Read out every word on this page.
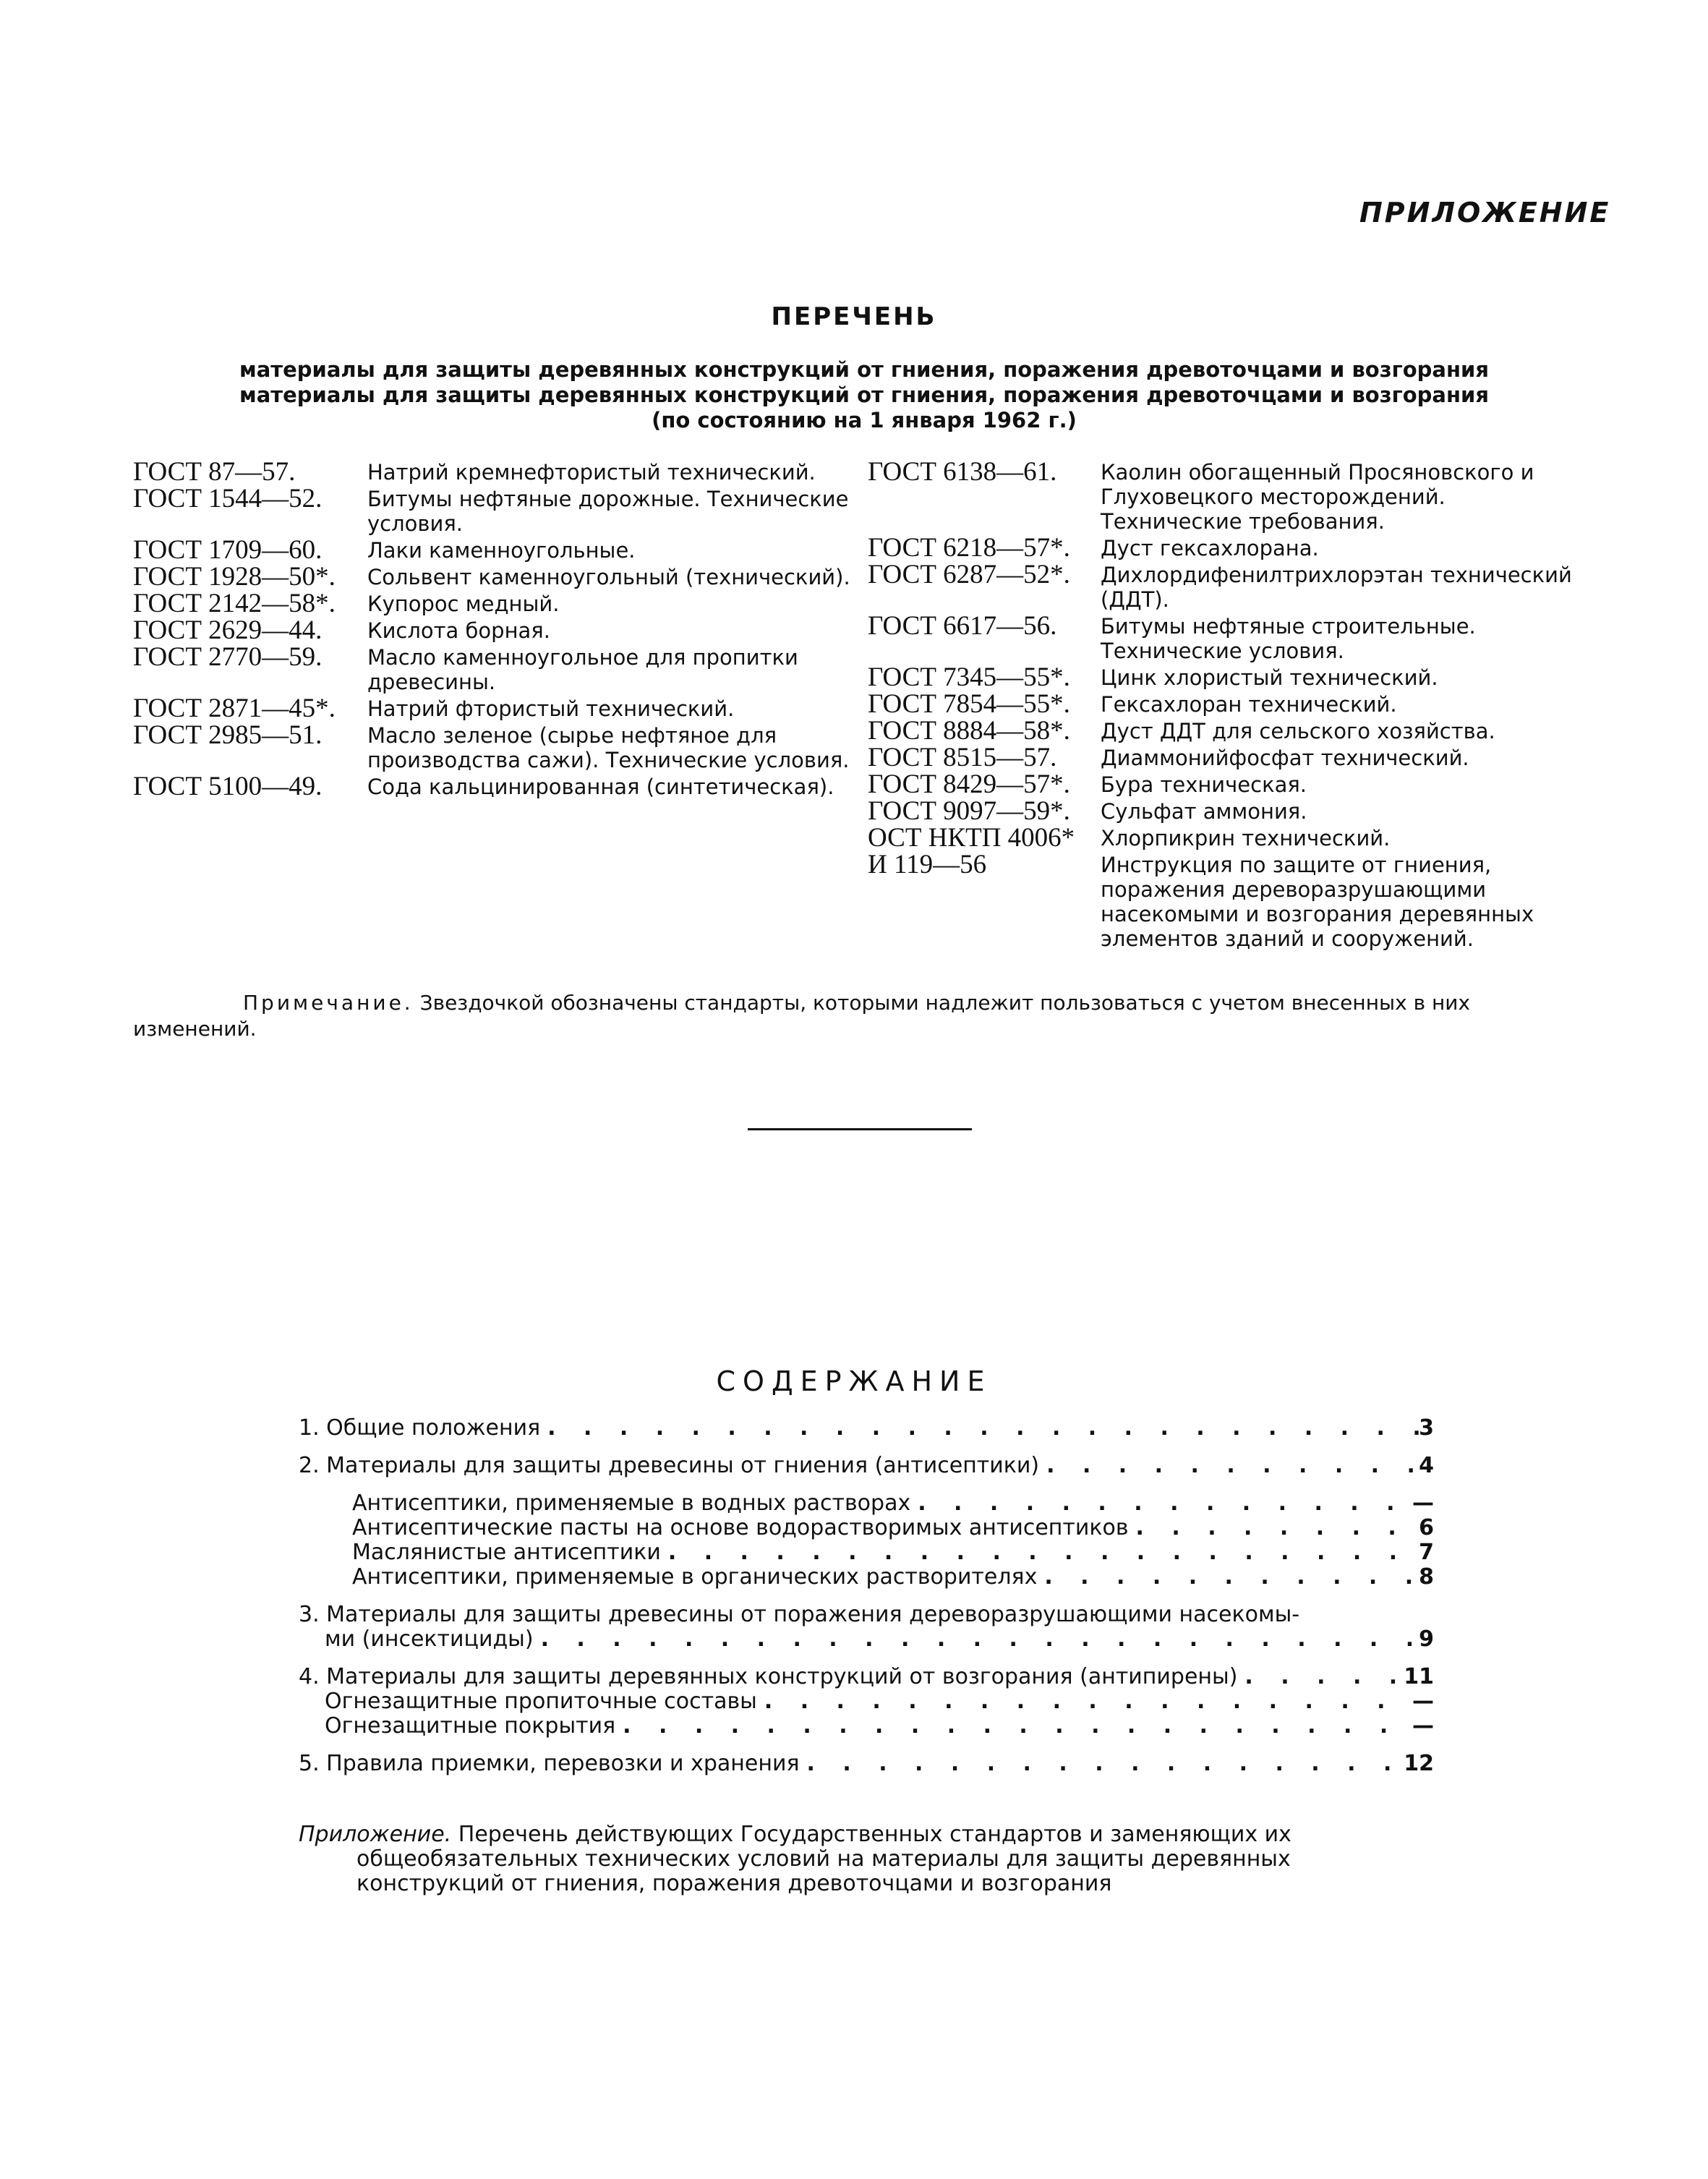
ПРИЛОЖЕНИЕ
ПЕРЕЧЕНЬ
материалы для защиты деревянных конструкций от гниения, поражения древоточцами и возгорания
материалы для защиты деревянных конструкций от гниения, поражения древоточцами и возгорания
(по состоянию на 1 января 1962 г.)
ГОСТ 87—57.	Натрий кремнефтористый технический.
ГОСТ 1544—52.	Битумы нефтяные дорожные. Технические условия.
ГОСТ 1709—60.	Лаки каменноугольные.
ГОСТ 1928—50*.	Сольвент каменноугольный (технический).
ГОСТ 2142—58*.	Купорос медный.
ГОСТ 2629—44.	Кислота борная.
ГОСТ 2770—59.	Масло каменноугольное для пропитки древесины.
ГОСТ 2871—45*.	Натрий фтористый технический.
ГОСТ 2985—51.	Масло зеленое (сырье нефтяное для производства сажи). Технические условия.
ГОСТ 5100—49.	Сода кальцинированная (синтетическая).
ГОСТ 6138—61.	Каолин обогащенный Просяновского и Глуховецкого месторождений. Технические требования.
ГОСТ 6218—57*.	Дуст гексахлорана.
ГОСТ 6287—52*.	Дихлордифенилтрихлорэтан технический (ДДТ).
ГОСТ 6617—56.	Битумы нефтяные строительные. Технические условия.
ГОСТ 7345—55*.	Цинк хлористый технический.
ГОСТ 7854—55*.	Гексахлоран технический.
ГОСТ 8884—58*.	Дуст ДДТ для сельского хозяйства.
ГОСТ 8515—57.	Диаммонийфосфат технический.
ГОСТ 8429—57*.	Бура техническая.
ГОСТ 9097—59*.	Сульфат аммония.
ОСТ НКТП 4006*	Хлорпикрин технический.
И 119—56	Инструкция по защите от гниения, поражения дереворазрушающими насекомыми и возгорания деревянных элементов зданий и сооружений.
Примечание. Звездочкой обозначены стандарты, которыми надлежит пользоваться с учетом внесенных в них изменений.
СОДЕРЖАНИЕ
1. Общие положения . . .	3
2. Материалы для защиты древесины от гниения (антисептики) . . .	4
Антисептики, применяемые в водных растворах . . .	—
Антисептические пасты на основе водорастворимых антисептиков . . .	6
Маслянистые антисептики . . .	7
Антисептики, применяемые в органических растворителях . . .	8
3. Материалы для защиты древесины от поражения дереворазрушающими насекомы-
ми (инсектициды) . . .	9
4. Материалы для защиты деревянных конструкций от возгорания (антипирены) . . .	11
Огнезащитные пропиточные составы . . .	—
Огнезащитные покрытия . . .	—
5. Правила приемки, перевозки и хранения . . .	12
Приложение. Перечень действующих Государственных стандартов и заменяющих их
общеобязательных технических условий на материалы для защиты деревянных
конструкций от гниения, поражения древоточцами и возгорания
